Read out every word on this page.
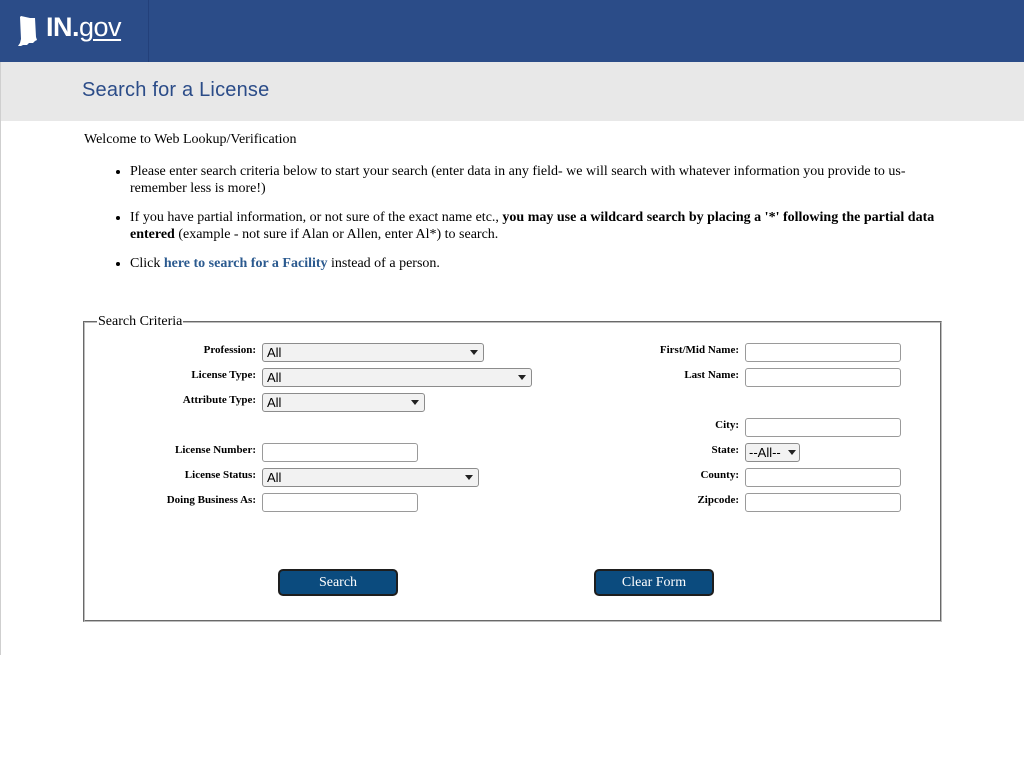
IN.gov
Search for a License
Welcome to Web Lookup/Verification
• Please enter search criteria below to start your search (enter data in any field- we will search with whatever information you provide to us- remember less is more!)
• If you have partial information, or not sure of the exact name etc., you may use a wildcard search by placing a '*' following the partial data entered (example - not sure if Alan or Allen, enter Al*) to search.
• Click here to search for a Facility instead of a person.
Search Criteria
Profession:
License Type:
Attribute Type:
License Number:
License Status:
Doing Business As:
All
All
All
All
First/Mid Name:
Last Name:
City:
State:
County:
Zipcode:
--All--
Search	Clear Form
